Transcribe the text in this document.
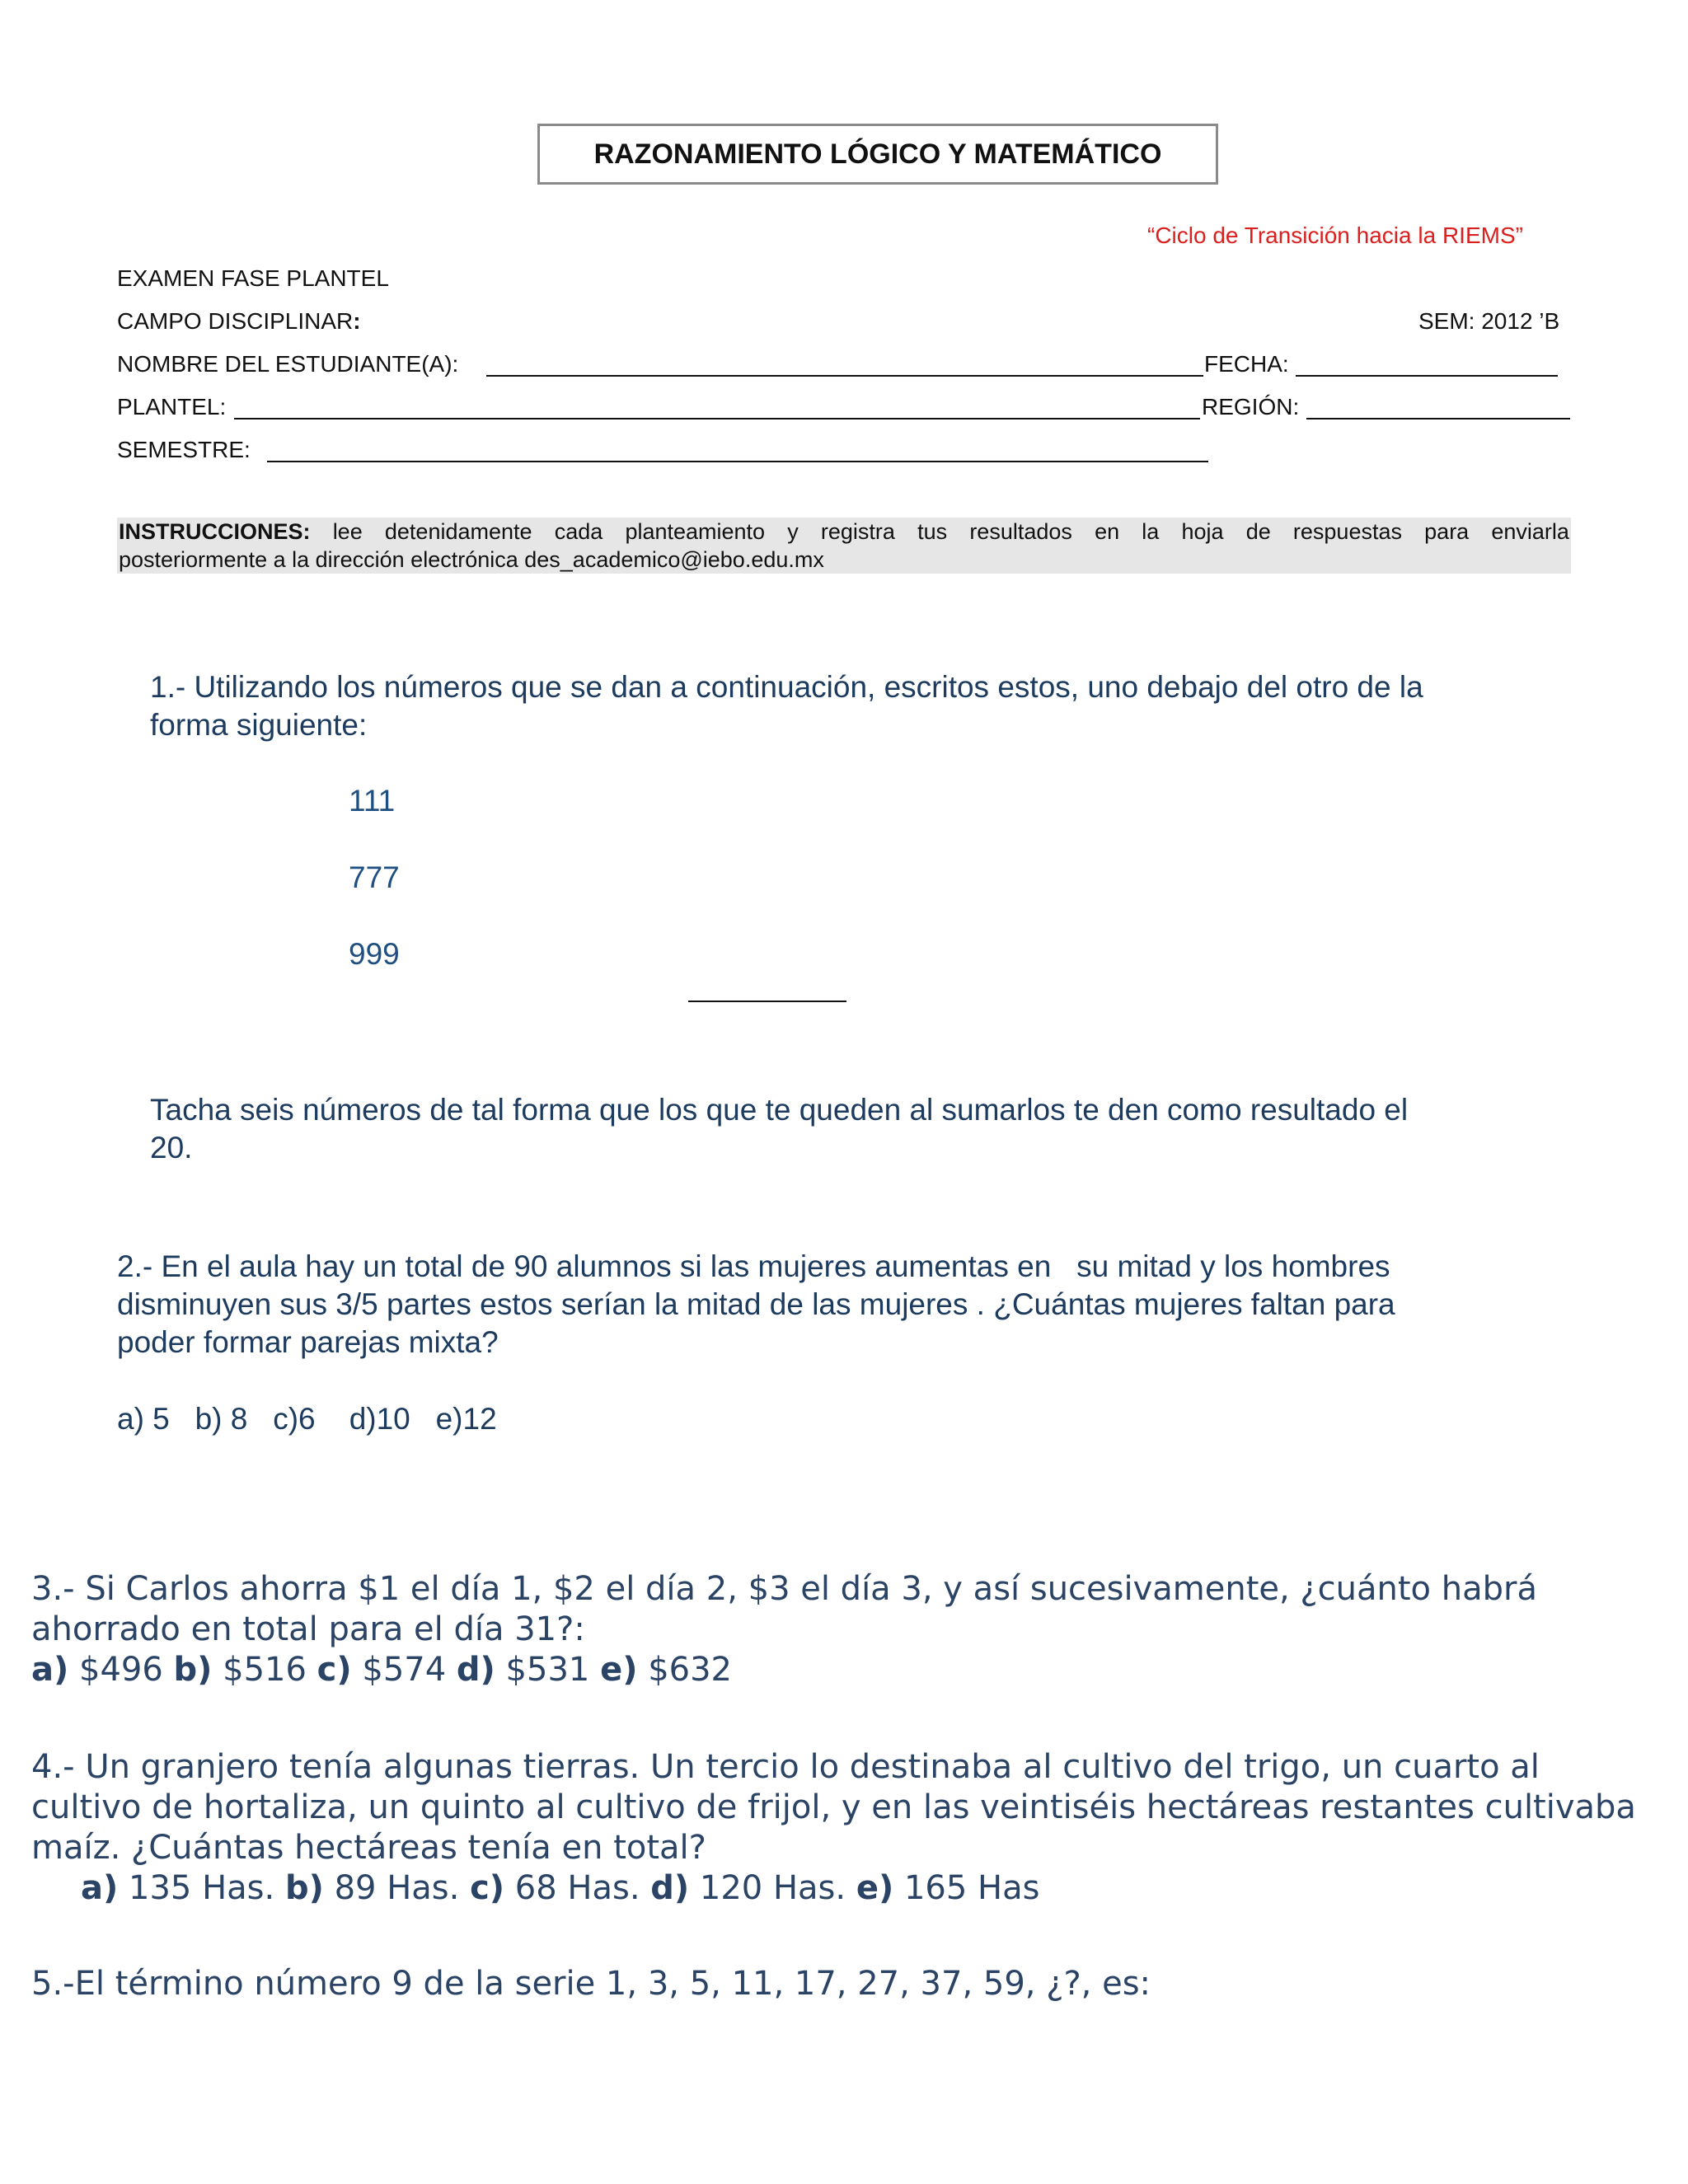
RAZONAMIENTO LÓGICO Y MATEMÁTICO
“Ciclo de Transición hacia la RIEMS”
EXAMEN FASE PLANTEL
CAMPO DISCIPLINAR:	SEM: 2012 ’B
NOMBRE DEL ESTUDIANTE(A):	FECHA:
PLANTEL:	REGIÓN:
SEMESTRE:
INSTRUCCIONES: lee detenidamente cada planteamiento y registra tus resultados en la hoja de respuestas para enviarla
posteriormente a la dirección electrónica des_academico@iebo.edu.mx
1.- Utilizando los números que se dan a continuación, escritos estos, uno debajo del otro de la
forma siguiente:
111
777
999
Tacha seis números de tal forma que los que te queden al sumarlos te den como resultado el
20.
2.- En el aula hay un total de 90 alumnos si las mujeres aumentas en   su mitad y los hombres
disminuyen sus 3/5 partes estos serían la mitad de las mujeres . ¿Cuántas mujeres faltan para
poder formar parejas mixta?
a) 5   b) 8   c)6    d)10   e)12
3.- Si Carlos ahorra $1 el día 1, $2 el día 2, $3 el día 3, y así sucesivamente, ¿cuánto habrá
ahorrado en total para el día 31?:
a) $496 b) $516 c) $574 d) $531 e) $632
4.- Un granjero tenía algunas tierras. Un tercio lo destinaba al cultivo del trigo, un cuarto al
cultivo de hortaliza, un quinto al cultivo de frijol, y en las veintiséis hectáreas restantes cultivaba
maíz. ¿Cuántas hectáreas tenía en total?
a) 135 Has. b) 89 Has. c) 68 Has. d) 120 Has. e) 165 Has
5.-El término número 9 de la serie 1, 3, 5, 11, 17, 27, 37, 59, ¿?, es:
